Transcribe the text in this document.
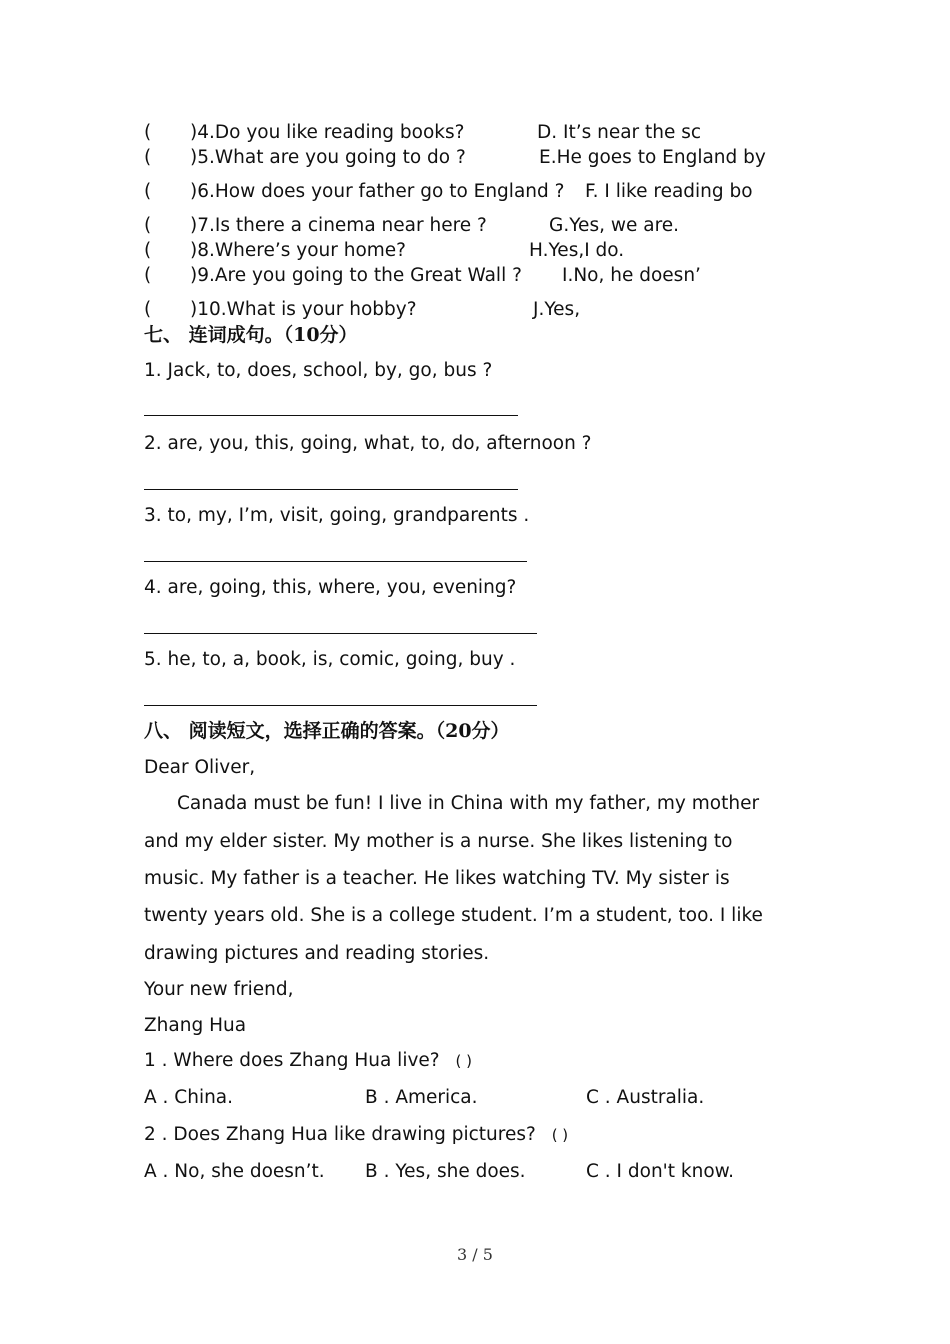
( )4.Do you like reading books?	D. It’s near the sc
( )5.What are you going to do ?	E.He goes to England by
( )6.How does your father go to England ? F. I like reading bo
( )7.Is there a cinema near here ?	G.Yes, we are.
( )8.Where’s your home?	H.Yes,I do.
( )9.Are you going to the Great Wall ? I.No, he doesn’
( )10.What is your hobby?	J.Yes,
七、 连词成句。（10分）
1. Jack, to, does, school, by, go, bus ?
2. are, you, this, going, what, to, do, afternoon ?
3. to, my, I’m, visit, going, grandparents .
4. are, going, this, where, you, evening?
5. he, to, a, book, is, comic, going, buy .
八、 阅读短文，选择正确的答案。（20分）
Dear Oliver,
Canada must be fun! I live in China with my father, my mother
and my elder sister. My mother is a nurse. She likes listening to
music. My father is a teacher. He likes watching TV. My sister is
twenty years old. She is a college student. I’m a student, too. I like
drawing pictures and reading stories.
Your new friend,
Zhang Hua
1 . Where does Zhang Hua live? ( )
A . China.	B . America.	C . Australia.
2 . Does Zhang Hua like drawing pictures? ( )
A . No, she doesn’t. B . Yes, she does.	C . I don't know.
3 / 5
